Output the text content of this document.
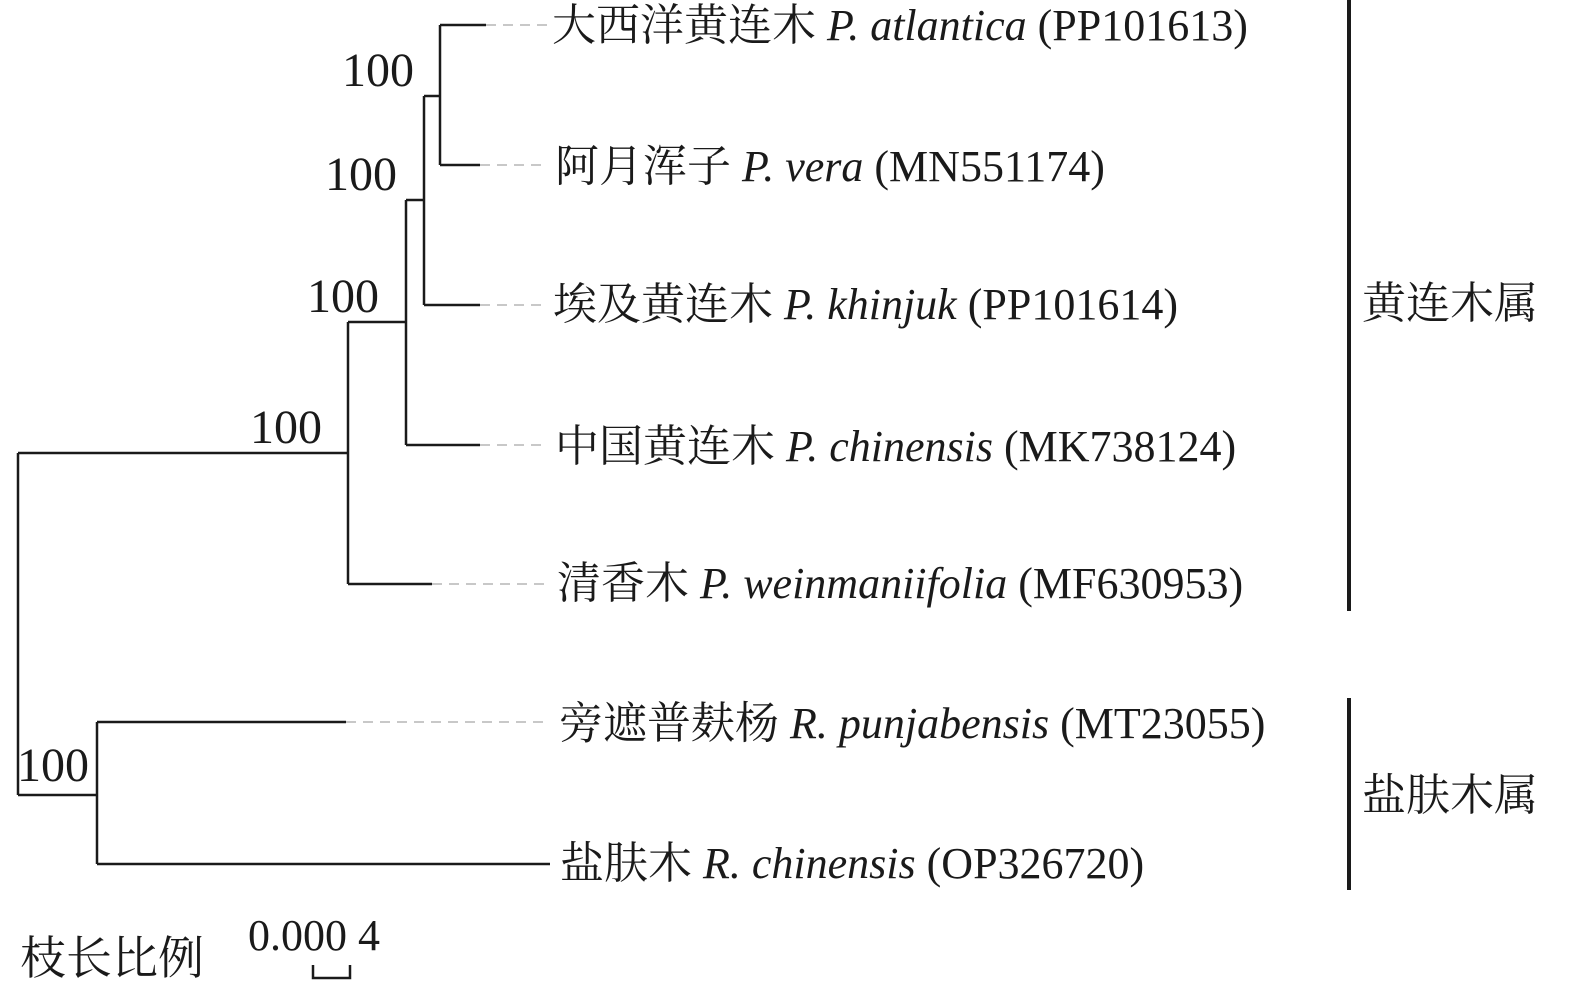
100
100
100
100
100
大西洋黄连木 P. atlantica (PP101613)
阿月浑子 P. vera (MN551174)
埃及黄连木 P. khinjuk (PP101614)
中国黄连木 P. chinensis (MK738124)
清香木 P. weinmaniifolia (MF630953)
旁遮普麸杨 R. punjabensis (MT23055)
盐肤木 R. chinensis (OP326720)
黄连木属
盐肤木属
枝长比例 0.000 4
